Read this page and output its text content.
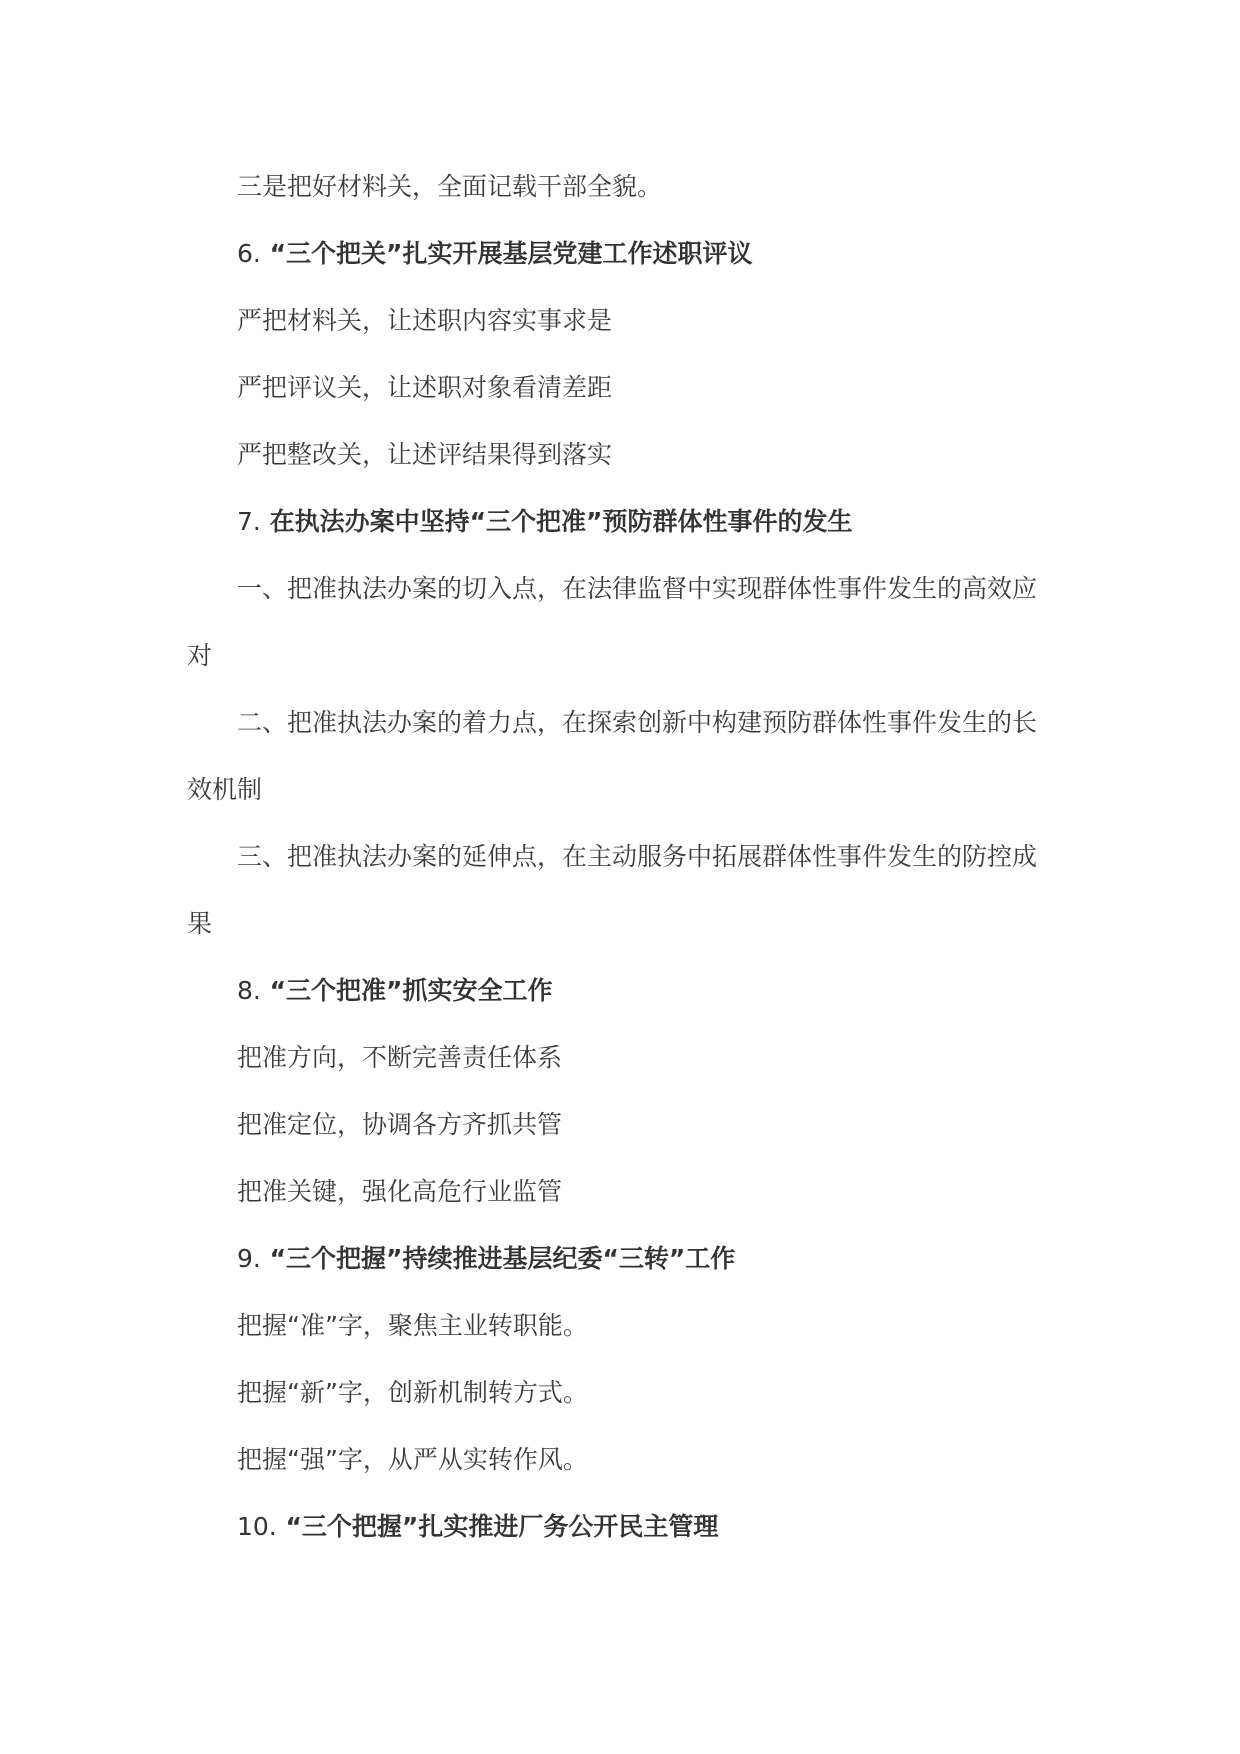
三是把好材料关，全面记载干部全貌。
6. “三个把关”扎实开展基层党建工作述职评议
严把材料关，让述职内容实事求是
严把评议关，让述职对象看清差距
严把整改关，让述评结果得到落实
7. 在执法办案中坚持“三个把准”预防群体性事件的发生
一、把准执法办案的切入点，在法律监督中实现群体性事件发生的高效应
对
二、把准执法办案的着力点，在探索创新中构建预防群体性事件发生的长
效机制
三、把准执法办案的延伸点，在主动服务中拓展群体性事件发生的防控成
果
8. “三个把准”抓实安全工作
把准方向，不断完善责任体系
把准定位，协调各方齐抓共管
把准关键，强化高危行业监管
9. “三个把握”持续推进基层纪委“三转”工作
把握“准”字，聚焦主业转职能。
把握“新”字，创新机制转方式。
把握“强”字，从严从实转作风。
10. “三个把握”扎实推进厂务公开民主管理
